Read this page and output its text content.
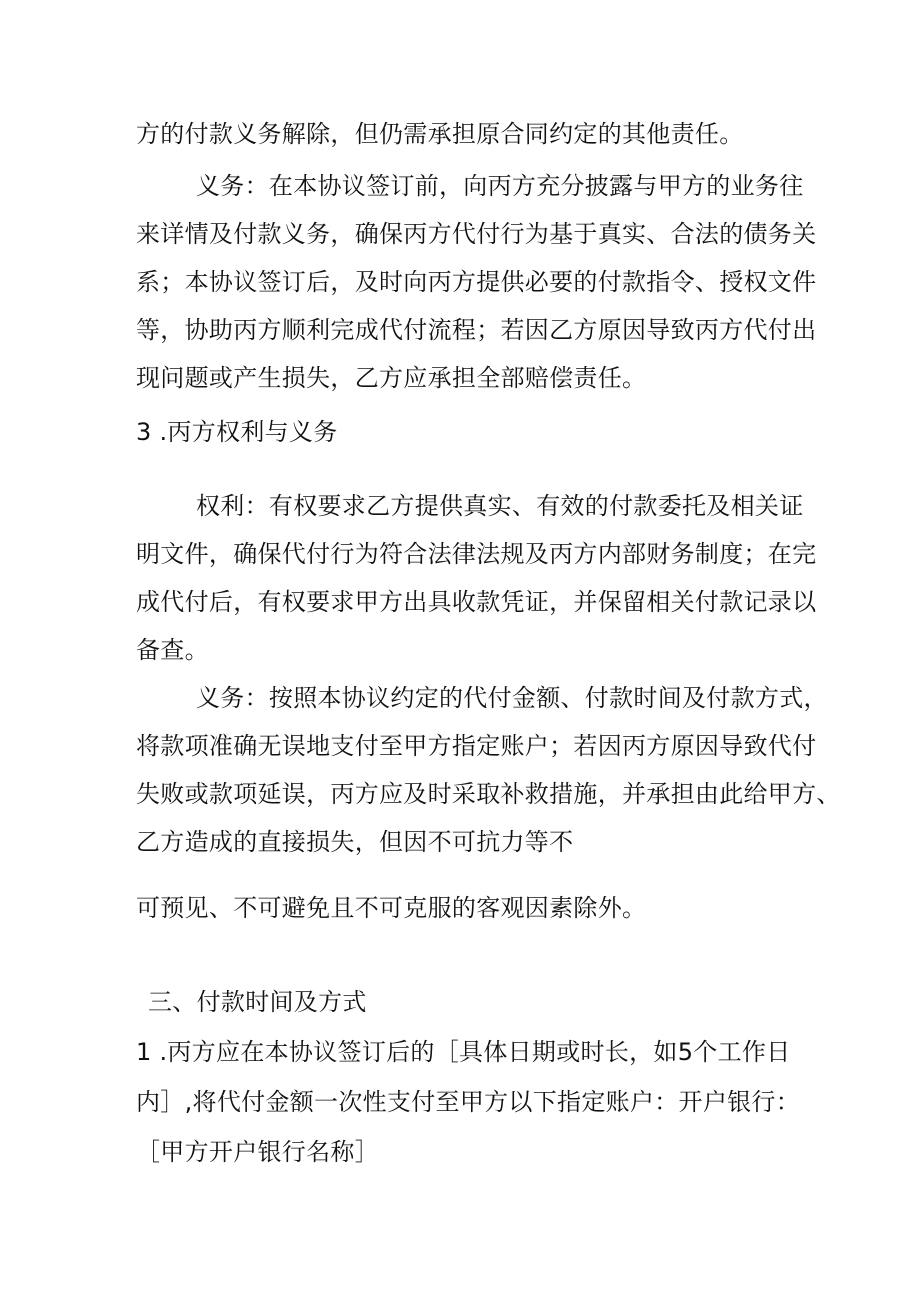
方的付款义务解除，但仍需承担原合同约定的其他责任。
义务：在本协议签订前，向丙方充分披露与甲方的业务往
来详情及付款义务，确保丙方代付行为基于真实、合法的债务关
系；本协议签订后，及时向丙方提供必要的付款指令、授权文件
等，协助丙方顺利完成代付流程；若因乙方原因导致丙方代付出
现问题或产生损失，乙方应承担全部赔偿责任。
3 .丙方权利与义务
权利：有权要求乙方提供真实、有效的付款委托及相关证
明文件，确保代付行为符合法律法规及丙方内部财务制度；在完
成代付后，有权要求甲方出具收款凭证，并保留相关付款记录以
备查。
义务：按照本协议约定的代付金额、付款时间及付款方式，
将款项准确无误地支付至甲方指定账户；若因丙方原因导致代付
失败或款项延误，丙方应及时采取补救措施，并承担由此给甲方、
乙方造成的直接损失，但因不可抗力等不
可预见、不可避免且不可克服的客观因素除外。
三、付款时间及方式
1 .丙方应在本协议签订后的［具体日期或时长，如5个工作日
内］,将代付金额一次性支付至甲方以下指定账户：开户银行：
［甲方开户银行名称］
